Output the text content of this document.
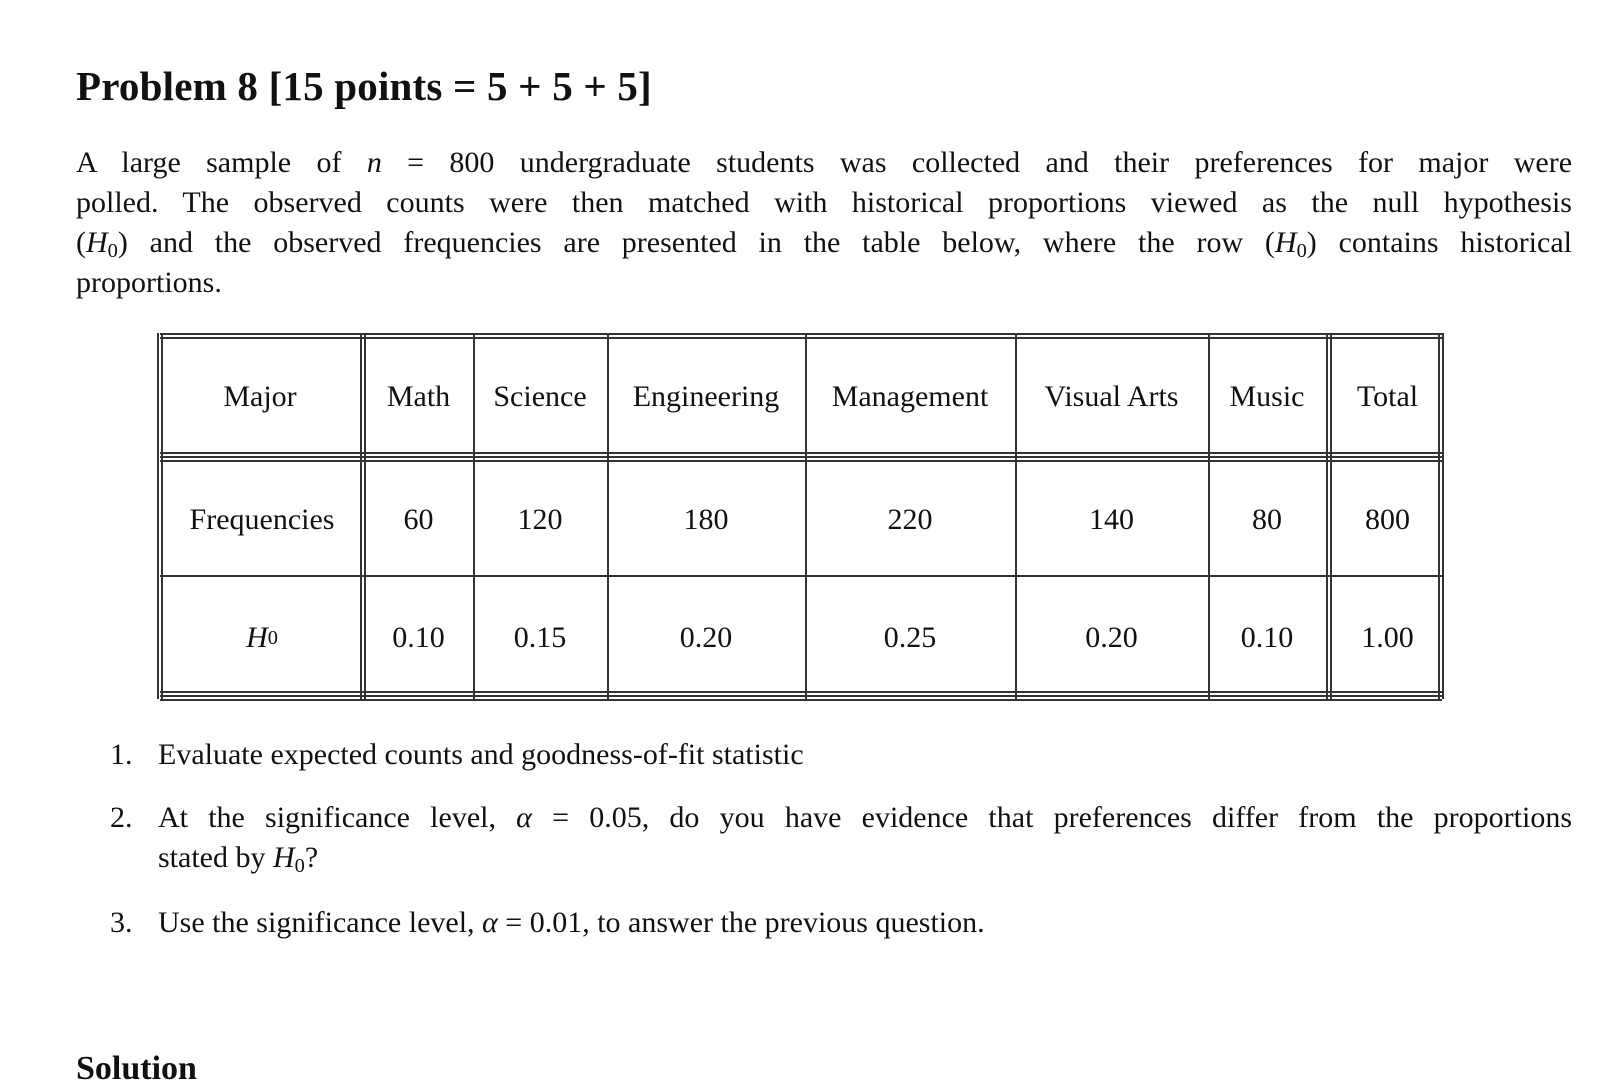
Problem 8 [15 points = 5 + 5 + 5]
A large sample of n = 800 undergraduate students was collected and their preferences for major were
polled. The observed counts were then matched with historical proportions viewed as the null hypothesis
$(H_0)$ and the observed frequencies are presented in the table below, where the row $(H_0)$ contains historical
proportions.
Major	Math	Science	Engineering	Management	Visual Arts	Music	Total
Frequencies	60	120	180	220	140	80	800
H 0	0.10	0.15	0.20	0.25	0.20	0.10	1.00
1. Evaluate expected counts and goodness-of-fit statistic
2. At the significance level, α = 0.05, do you have evidence that preferences differ from the proportions
stated by $H_0$?
3. Use the significance level, α = 0.01, to answer the previous question.
Solution
